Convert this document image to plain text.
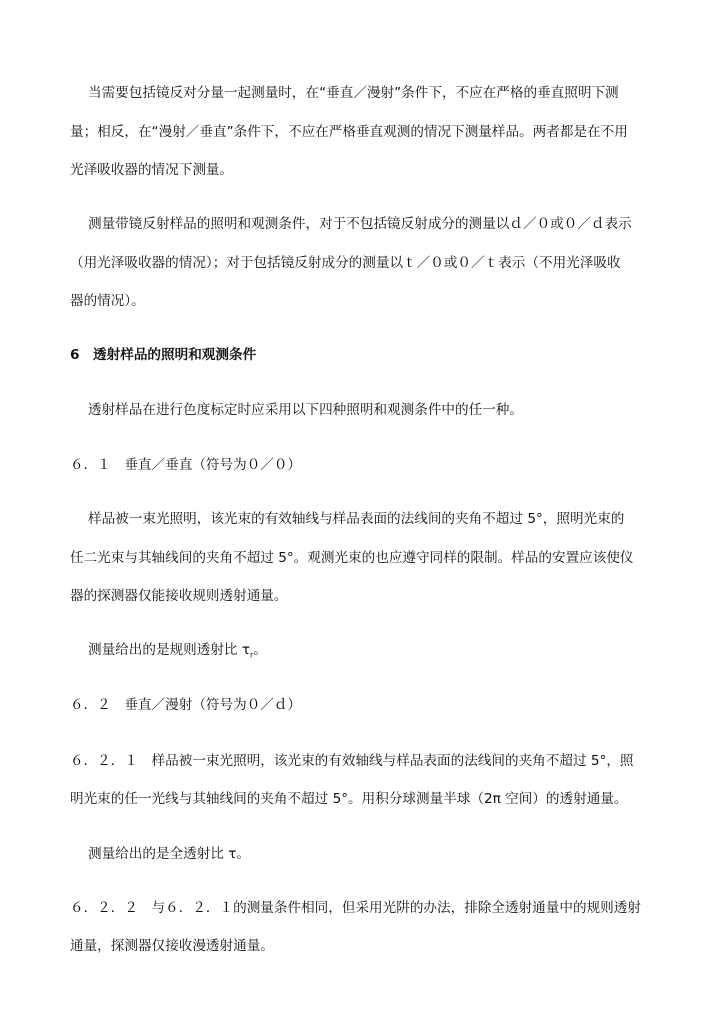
当需要包括镜反对分量一起测量时，在“垂直／漫射”条件下，不应在严格的垂直照明下测
量；相反，在“漫射／垂直”条件下，不应在严格垂直观测的情况下测量样品。两者都是在不用
光泽吸收器的情况下测量。
测量带镜反射样品的照明和观测条件，对于不包括镜反射成分的测量以ｄ／０或０／ｄ表示
（用光泽吸收器的情况）；对于包括镜反射成分的测量以ｔ／０或０／ｔ表示（不用光泽吸收
器的情况）。
6　透射样品的照明和观测条件
透射样品在进行色度标定时应采用以下四种照明和观测条件中的任一种。
６．１　垂直／垂直（符号为０／０）
样品被一束光照明，该光束的有效轴线与样品表面的法线间的夹角不超过 5°，照明光束的
任二光束与其轴线间的夹角不超过 5°。观测光束的也应遵守同样的限制。样品的安置应该使仪
器的探测器仅能接收规则透射通量。
测量给出的是规则透射比 $\tau_r$。
６．２　垂直／漫射（符号为０／ｄ）
６．２．１　样品被一束光照明，该光束的有效轴线与样品表面的法线间的夹角不超过 5°，照
明光束的任一光线与其轴线间的夹角不超过 5°。用积分球测量半球（2π 空间）的透射通量。
测量给出的是全透射比 τ。
６．２．２　与６．２．１的测量条件相同，但采用光阱的办法，排除全透射通量中的规则透射
通量，探测器仅接收漫透射通量。
